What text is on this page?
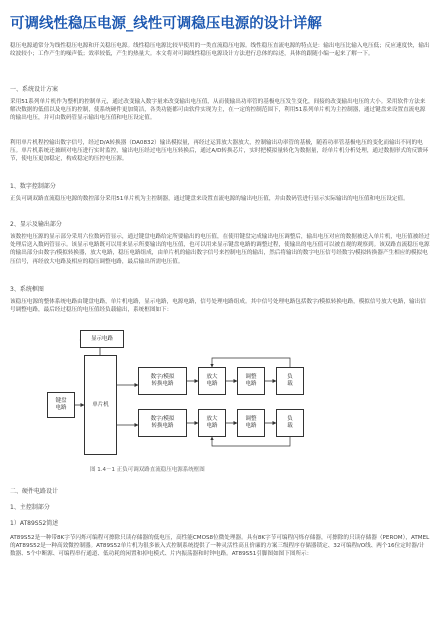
可调线性稳压电源_线性可调稳压电源的设计详解
稳压电源通常分为线性稳压电源和开关稳压电源。线性稳压电源比较早使用的一类直流稳压电源。线性稳压直流电源的特点是：输出电压比输入电压低；反应速度快，输出纹波较小；工作产生的噪声低；效率较低，产生的热量大。本文将对可调线性稳压电源设计方法进行总体的综述，具体的跟随小编一起来了解一下。
一、系统设计方案
采用51系列单片机作为整机的控制单元，通过改变输入数字量来改变输出电压值，从而使输出功率管的基极电压发生变化，间接的改变输出电压的大小。采用软件方法来解决数据的低值以及电压的控制，使系统硬件更加简洁，各类功能都可由软件实现为主，在一定的控制范围下，利用51系列单片机为主控制器，通过键盘来设置直流电源的输出电压，并可由数码管显示输出电压值和电压设定值。
利用单片机程控输出数字信号，经过D/A转换器（DA0832）输出模拟量，再经过运算放大器放大，控制输出功率管的基极，随着功率管基极电压的变化而输出不同的电压。单片机系统还兼顾对电压进行实时监控，输出电压经过电压电压转换后，通过A/D转换芯片，实时把模拟量转化为数据量，经单片机分析处理，通过数据形式的反馈环节，使电压更加稳定，构成稳定的压控电压源。
1、数字控制部分
正负可调双路直流稳压电源的数控部分采用51单片机为主控制器，通过键盘来设置直流电源的输出电压值，并由数码管进行显示实际输出的电压值和电压设定值。
2、显示及输出部分
该数控电压源的显示部分采用六位数码管显示，通过键盘电路给定所要输出的电压值，在使用键盘完成输出电压调整后，输出电压对应的数据被送入单片机，电压值被经过处理后送入数码管显示。该显示电路既可以用来显示所要输出的电压值，也可以用来显示键盘电路的调整过程，使输出的电压值可以被直观的观察到。该双路直流稳压电源的输出部分由数字/模拟转换器，放大电路，稳压电路组成，由单片机的输出数字信号来控制电压的输出，然后将输出的数字电压信号经数字/模拟转换器产生相应的模拟电压信号，再经放大电路及相应的稳压调整电路，最后输出所需电压值。
3、系统框图
该稳压电源的整体系统电路由键盘电路，单片机电路，显示电路，电源电路，信号处理电路组成。其中信号处理电路包括数字/模拟转换电路，模拟信号放大电路，输出信号调整电路，最后经过稳压的电压值经负载输出，系统框图如下：
显示电路
键盘
电路
单片机
数字/模拟
转换电路
放大
电路
调整
电路
负
载
数字/模拟
转换电路
放大
电路
调整
电路
负
载
图 1.4－1 正负可调双路直流稳压电源系统框图
二、硬件电路设计
1、主控制部分
1）AT89S52简述
AT89S52是一种带8K字节闪烁可编程可擦除只读存储器的低电压，高性能CMOS8位微处理器。具有8K字节可编程闪烁存储器，可擦除的只读存储器（PEROM），ATMEL的AT89S52是一种高效微控制器。AT89S52单片机为很多嵌入式控制系统提供了一种灵活性高且价廉的方案三级程序存储器锁定、32可编程I/O线、两个16位定时器/计数器、5个中断源、可编程串行通道、低功耗的闲置和掉电模式、片内振荡器和时钟电路。AT89S51引脚图如图下图所示：
